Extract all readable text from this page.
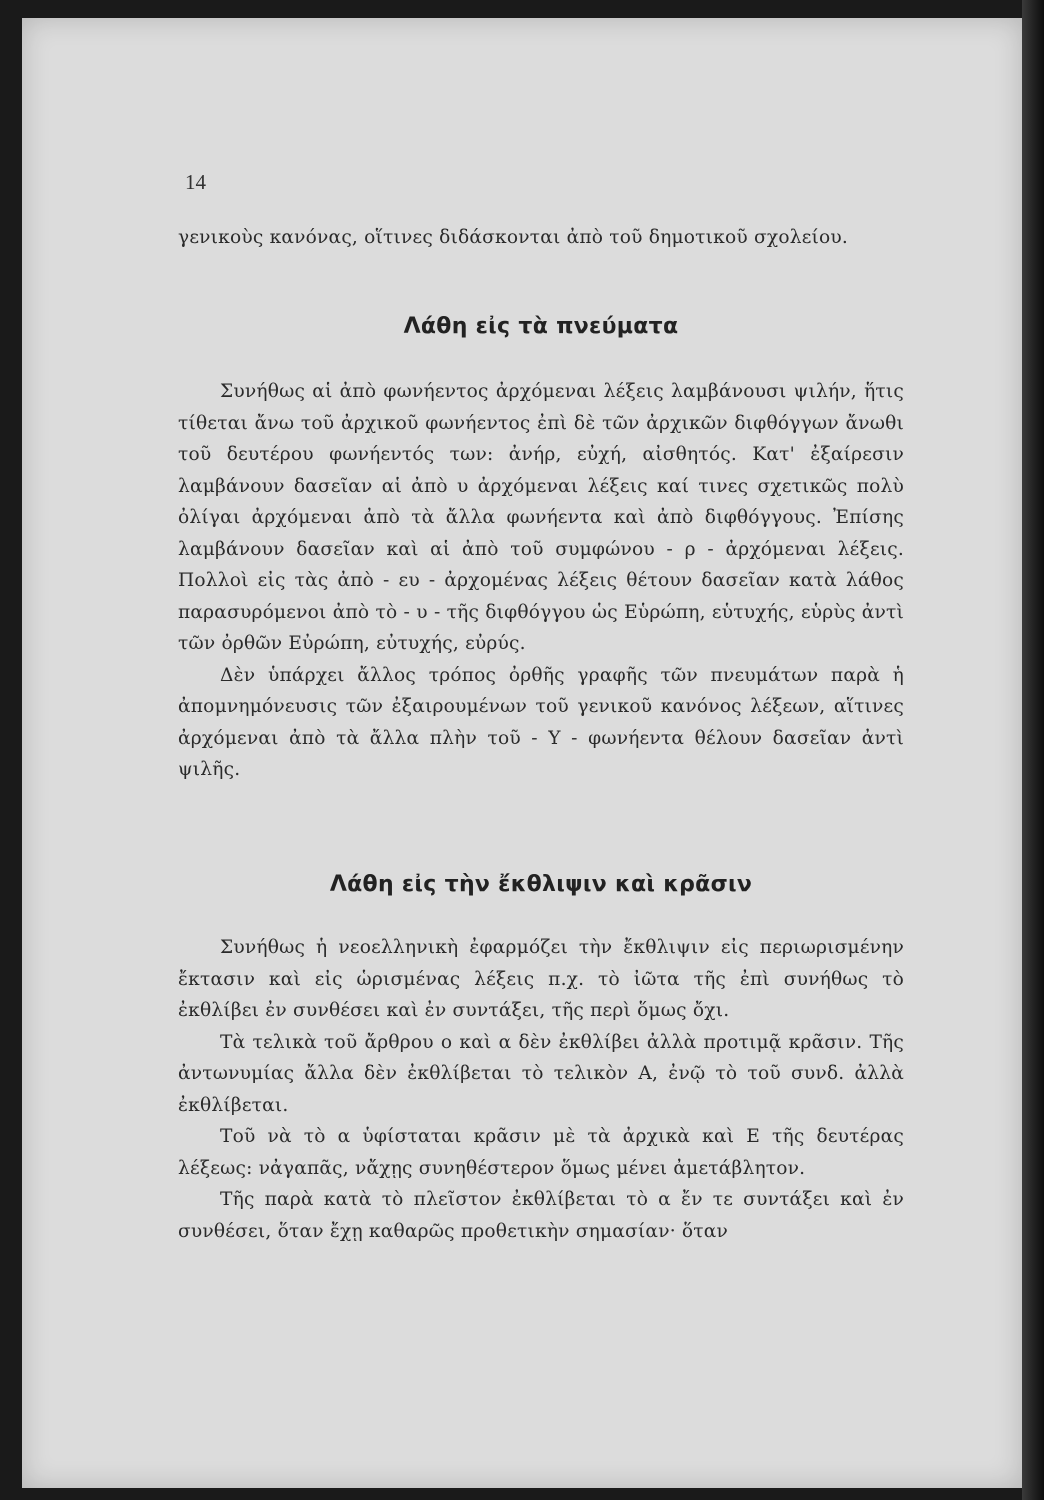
14

γενικοὺς κανόνας, οἵτινες διδάσκονται ἀπὸ τοῦ δημοτικοῦ σχολείου.

Λάθη εἰς τὰ πνεύματα

Συνήθως αἱ ἀπὸ φωνήεντος ἀρχόμεναι λέξεις λαμβάνουσι ψιλήν, ἥτις τίθεται ἄνω τοῦ ἀρχικοῦ φωνήεντος ἐπὶ δὲ τῶν ἀρχικῶν διφθόγγων ἄνωθι τοῦ δευτέρου φωνήεντός των: ἀνήρ, εὐχή, αἰσθητός. Κατ' ἐξαίρεσιν λαμβάνουν δασεῖαν αἱ ἀπὸ υ ἀρχόμεναι λέξεις καί τινες σχετικῶς πολὺ ὀλίγαι ἀρχόμεναι ἀπὸ τὰ ἄλλα φωνήεντα καὶ ἀπὸ διφθόγγους. Ἐπίσης λαμβάνουν δασεῖαν καὶ αἱ ἀπὸ τοῦ συμφώνου - ρ - ἀρχόμεναι λέξεις. Πολλοὶ εἰς τὰς ἀπὸ - ευ - ἀρχομένας λέξεις θέτουν δασεῖαν κατὰ λάθος παρασυρόμενοι ἀπὸ τὸ - υ - τῆς διφθόγγου ὡς Εὑρώπη, εὑτυχής, εὑρὺς ἀντὶ τῶν ὀρθῶν Εὐρώπη, εὐτυχής, εὐρύς.

Δὲν ὑπάρχει ἄλλος τρόπος ὀρθῆς γραφῆς τῶν πνευμάτων παρὰ ἡ ἀπομνημόνευσις τῶν ἐξαιρουμένων τοῦ γενικοῦ κανόνος λέξεων, αἵτινες ἀρχόμεναι ἀπὸ τὰ ἄλλα πλὴν τοῦ - Υ - φωνήεντα θέλουν δασεῖαν ἀντὶ ψιλῆς.

Λάθη εἰς τὴν ἔκθλιψιν καὶ κρᾶσιν

Συνήθως ἡ νεοελληνικὴ ἐφαρμόζει τὴν ἔκθλιψιν εἰς περιωρισμένην ἔκτασιν καὶ εἰς ὡρισμένας λέξεις π.χ. τὸ ἰῶτα τῆς ἐπὶ συνήθως τὸ ἐκθλίβει ἐν συνθέσει καὶ ἐν συντάξει, τῆς περὶ ὅμως ὄχι.

Τὰ τελικὰ τοῦ ἄρθρου ο καὶ α δὲν ἐκθλίβει ἀλλὰ προτιμᾷ κρᾶσιν. Τῆς ἀντωνυμίας ἄλλα δὲν ἐκθλίβεται τὸ τελικὸν Α, ἐνῷ τὸ τοῦ συνδ. ἀλλὰ ἐκθλίβεται.

Τοῦ νὰ τὸ α ὑφίσταται κρᾶσιν μὲ τὰ ἀρχικὰ καὶ Ε τῆς δευτέρας λέξεως: νἀγαπᾶς, νἄχῃς συνηθέστερον ὅμως μένει ἀμετάβλητον.

Τῆς παρὰ κατὰ τὸ πλεῖστον ἐκθλίβεται τὸ α ἔν τε συντάξει καὶ ἐν συνθέσει, ὅταν ἔχῃ καθαρῶς προθετικὴν σημασίαν· ὅταν
